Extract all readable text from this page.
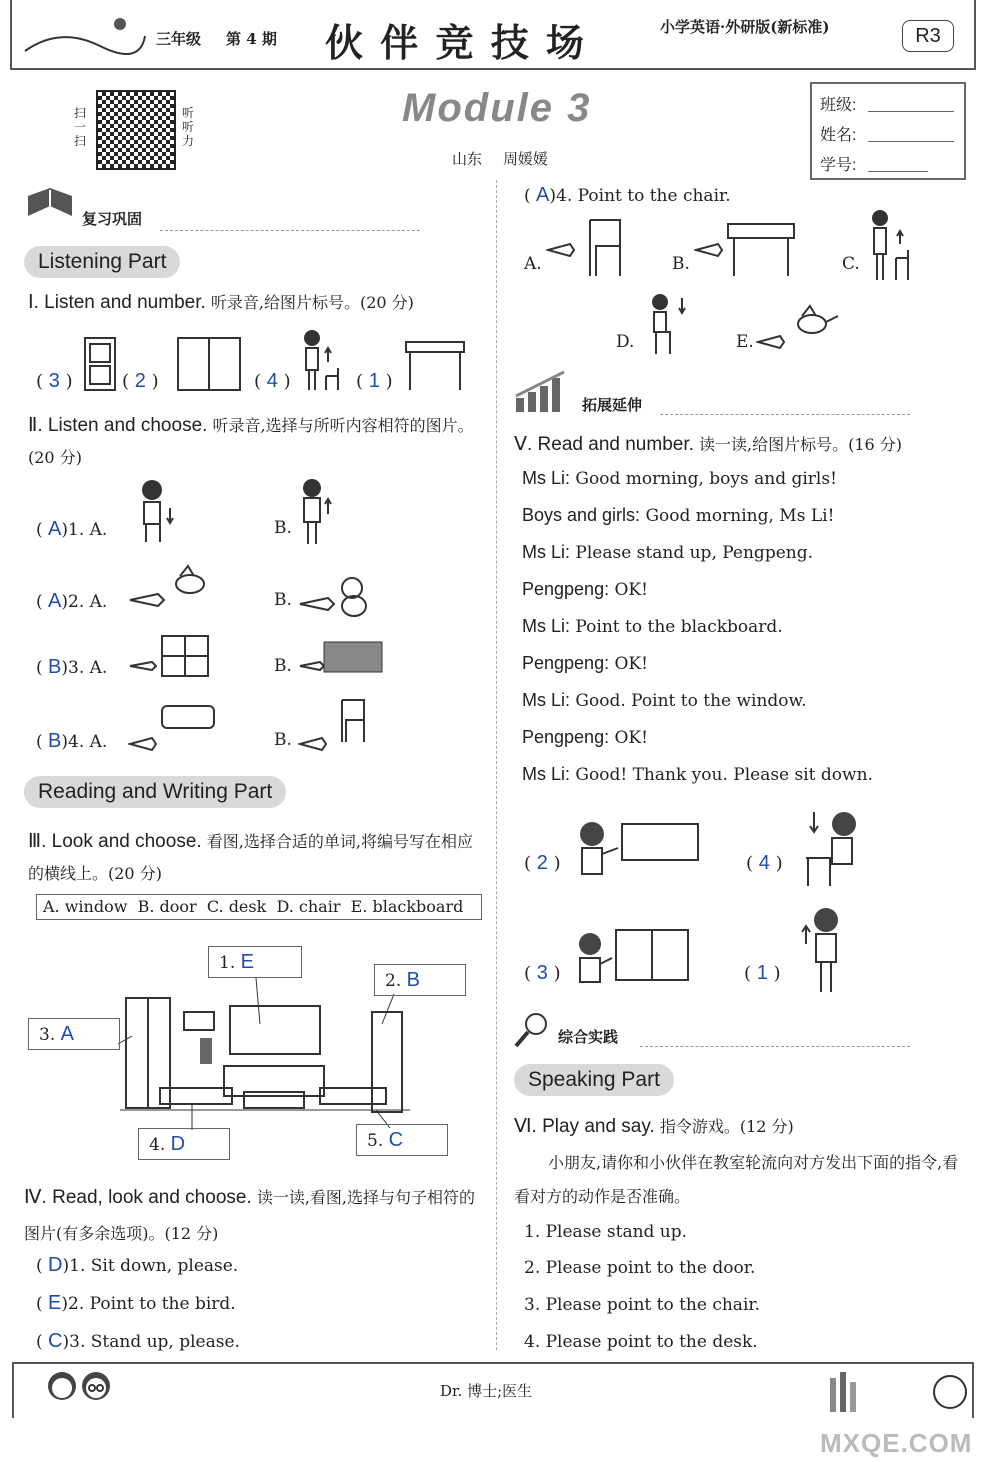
三年级 第 4 期 伙 伴 竞 技 场	小学英语·外研版(新标准)	R3
扫一扫
听听力
Module 3
山东 周媛媛
班级:
姓名:
学号:
复习巩固
Listening Part
Ⅰ. Listen and number. 听录音,给图片标号。(20 分)
( 3 )	( 2 )	( 4 )	( 1 )
Ⅱ. Listen and choose. 听录音,选择与所听内容相符的图片。(20 分)
( A)1. A.	B.
( A)2. A.	B.
( B)3. A.	B.
( B)4. A.	B.
Reading and Writing Part
Ⅲ. Look and choose. 看图,选择合适的单词,将编号写在相应的横线上。(20 分)
A. window  B. door  C. desk  D. chair  E. blackboard
1. E
2. B
3. A
4. D	5. C
Ⅳ. Read, look and choose. 读一读,看图,选择与句子相符的图片(有多余选项)。(12 分)
( D)1. Sit down, please.
( E)2. Point to the bird.
( C)3. Stand up, please.
( A)4. Point to the chair.
A.	B.	C.
D.	E.
拓展延伸
Ⅴ. Read and number. 读一读,给图片标号。(16 分)
Ms Li: Good morning, boys and girls!
Boys and girls: Good morning, Ms Li!
Ms Li: Please stand up, Pengpeng.
Pengpeng: OK!
Ms Li: Point to the blackboard.
Pengpeng: OK!
Ms Li: Good. Point to the window.
Pengpeng: OK!
Ms Li: Good! Thank you. Please sit down.
( 2 )	( 4 )
( 3 )	( 1 )
综合实践
Speaking Part
Ⅵ. Play and say. 指令游戏。(12 分)
小朋友,请你和小伙伴在教室轮流向对方发出下面的指令,看看对方的动作是否准确。
1. Please stand up.
2. Please point to the door.
3. Please point to the chair.
4. Please point to the desk.
Dr. 博士;医生
MXQE.COM
